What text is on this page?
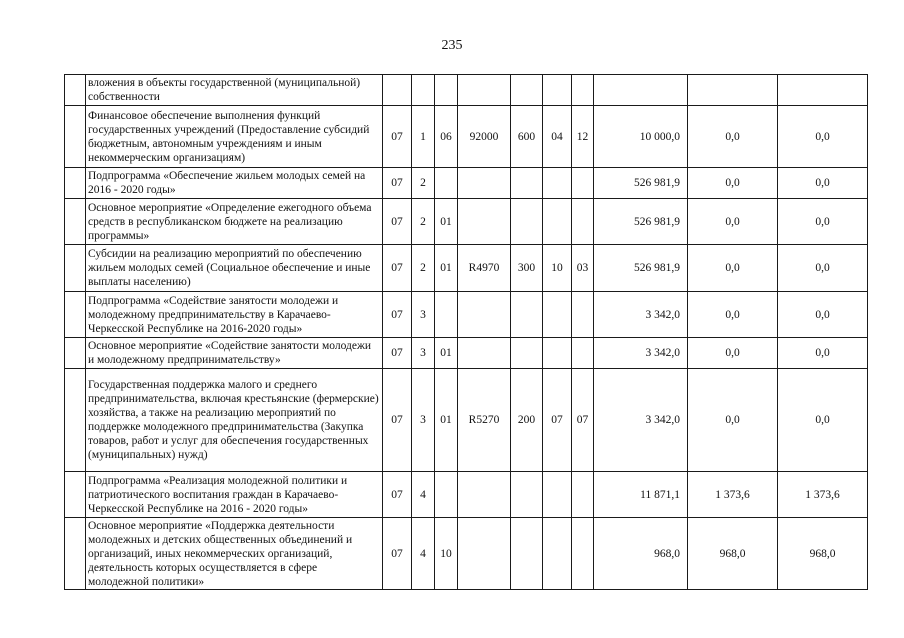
235
	вложения в объекты государственной (муниципальной) собственности										
	Финансовое обеспечение выполнения функций государственных учреждений (Предоставление субсидий бюджетным, автономным учреждениям и иным некоммерческим организациям)	07	1	06	92000	600	04	12	10 000,0	0,0	0,0
	Подпрограмма «Обеспечение жильем молодых семей на 2016 - 2020 годы»	07	2						526 981,9	0,0	0,0
	Основное мероприятие «Определение ежегодного объема средств в республиканском бюджете на реализацию программы»	07	2	01					526 981,9	0,0	0,0
	Субсидии на реализацию мероприятий по обеспечению жильем молодых семей (Социальное обеспечение и иные выплаты населению)	07	2	01	R4970	300	10	03	526 981,9	0,0	0,0
	Подпрограмма «Содействие занятости молодежи и молодежному предпринимательству в Карачаево-Черкесской Республике на 2016-2020 годы»	07	3						3 342,0	0,0	0,0
	Основное мероприятие «Содействие занятости молодежи и молодежному предпринимательству»	07	3	01					3 342,0	0,0	0,0
	Государственная поддержка малого и среднего предпринимательства, включая крестьянские (фермерские) хозяйства, а также на реализацию мероприятий по поддержке молодежного предпринимательства (Закупка товаров, работ и услуг для обеспечения государственных (муниципальных) нужд)	07	3	01	R5270	200	07	07	3 342,0	0,0	0,0
	Подпрограмма «Реализация молодежной политики и патриотического воспитания граждан в Карачаево-Черкесской Республике на 2016 - 2020 годы»	07	4						11 871,1	1 373,6	1 373,6
	Основное мероприятие «Поддержка деятельности молодежных и детских общественных объединений и организаций, иных некоммерческих организаций, деятельность которых осуществляется в сфере молодежной политики»	07	4	10					968,0	968,0	968,0
